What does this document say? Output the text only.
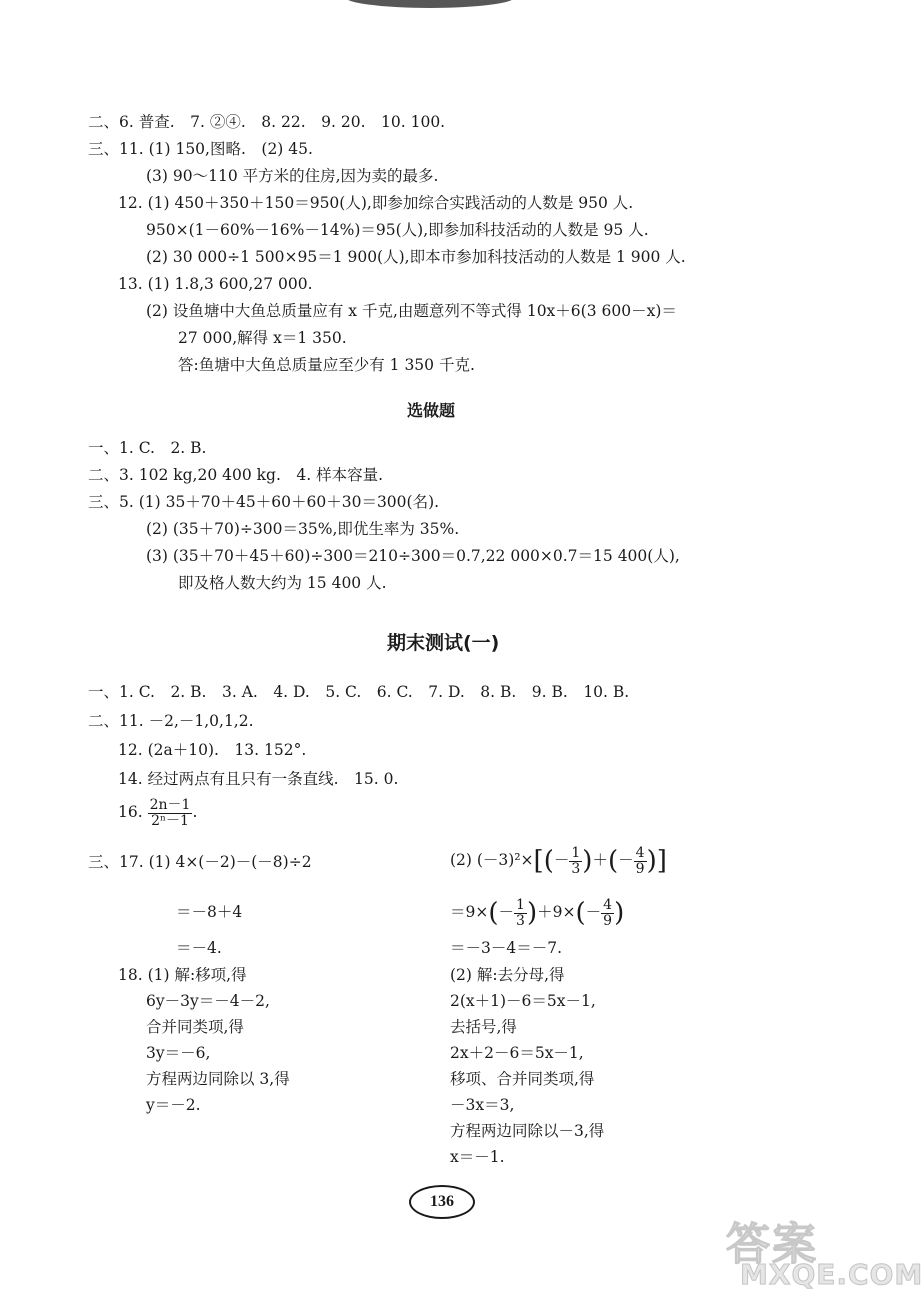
二、6. 普查.　7. ②④.　8. 22.　9. 20.　10. 100.
三、11. (1) 150,图略.　(2) 45.
(3) 90～110 平方米的住房,因为卖的最多.
12. (1) 450＋350＋150＝950(人),即参加综合实践活动的人数是 950 人.
950×(1－60%－16%－14%)＝95(人),即参加科技活动的人数是 95 人.
(2) 30 000÷1 500×95＝1 900(人),即本市参加科技活动的人数是 1 900 人.
13. (1) 1.8,3 600,27 000.
(2) 设鱼塘中大鱼总质量应有 x 千克,由题意列不等式得 10x＋6(3 600－x)＝
27 000,解得 x＝1 350.
答:鱼塘中大鱼总质量应至少有 1 350 千克.
选做题
一、1. C.　2. B.
二、3. 102 kg,20 400 kg.　4. 样本容量.
三、5. (1) 35＋70＋45＋60＋60＋30＝300(名).
(2) (35＋70)÷300＝35%,即优生率为 35%.
(3) (35＋70＋45＋60)÷300＝210÷300＝0.7,22 000×0.7＝15 400(人),
即及格人数大约为 15 400 人.
期末测试(一)
一、1. C.　2. B.　3. A.　4. D.　5. C.　6. C.　7. D.　8. B.　9. B.　10. B.
二、11. －2,－1,0,1,2.
12. (2a＋10).　13. 152°.
14. 经过两点有且只有一条直线.　15. 0.
16. $\frac{2n-1}{\text{2ⁿ－1}}$ .
三、17. (1) 4×(－2)－(－8)÷2
＝－8＋4
＝－4.
(2) $(-3)^2\times[(- \frac{1}{3}$ )＋(－ $\frac{4}{9}$ )]
$=9\times(- \frac{1}{3} )+9\times(- \frac{4}{9}$ )
＝－3－4＝－7.
18. (1) 解:移项,得
6y－3y＝－4－2,
合并同类项,得
3y＝－6,
方程两边同除以 3,得
y＝－2.
(2) 解:去分母,得
2(x＋1)－6＝5x－1,
去括号,得
2x＋2－6＝5x－1,
移项、合并同类项,得
－3x＝3,
方程两边同除以－3,得
x＝－1.
136
答案
MXQE.COM
